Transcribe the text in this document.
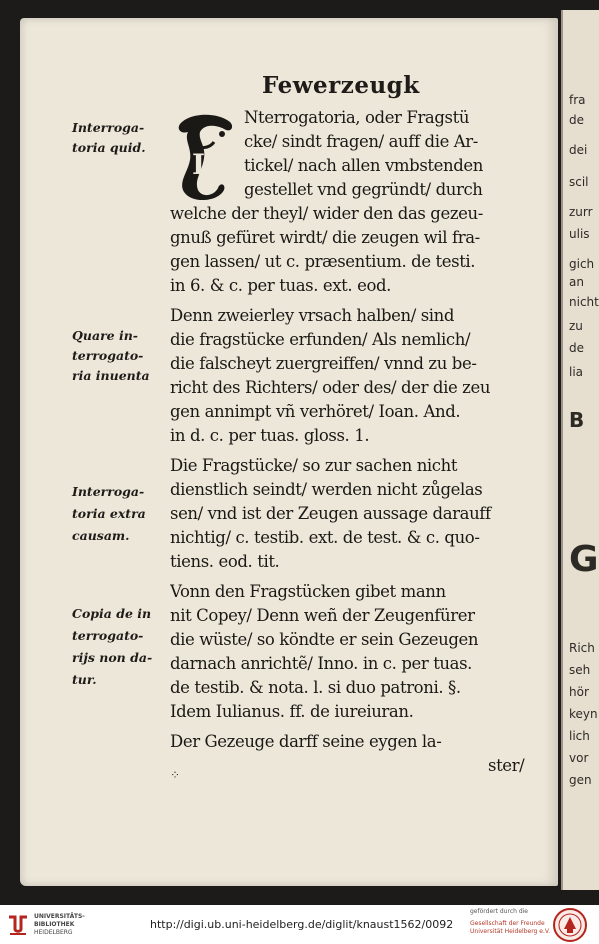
Fewerzeugk
I
Interroga-
toria quid.
Quare in-
terrogato-
ria inuenta
Interroga-
toria extra
causam.
Copia de in
terrogato-
rijs non da-
tur.
Nterrogatoria, oder Fragstü
cke/ sindt fragen/ auff die Ar-
tickel/ nach allen vmbstenden
gestellet vnd gegründt/ durch
welche der theyl/ wider den das gezeu-
gnuß gefüret wirdt/ die zeugen wil fra-
gen lassen/ ut c. præsentium. de testi.
in 6. & c. per tuas. ext. eod.
Denn zweierley vrsach halben/ sind
die fragstücke erfunden/ Als nemlich/
die falscheyt zuergreiffen/ vnnd zu be-
richt des Richters/ oder des/ der die zeu
gen annimpt vñ verhöret/ Ioan. And.
in d. c. per tuas. gloss. 1.
Die Fragstücke/ so zur sachen nicht
dienstlich seindt/ werden nicht zůgelas
sen/ vnd ist der Zeugen aussage darauff
nichtig/ c. testib. ext. de test. & c. quo-
tiens. eod. tit.
Vonn den Fragstücken gibet mann
nit Copey/ Denn weñ der Zeugenfürer
die wüste/ so köndte er sein Gezeugen
darnach anrichtẽ/ Inno. in c. per tuas.
de testib. & nota. l. si duo patroni. §.
Idem Iulianus. ff. de iureiuran.
Der Gezeuge darff seine eygen la-
ster/
⁘
fra
de
dei
scil
zurr
ulis
gich
an
nicht
zu
de
lia
B
G
Rich
seh
hör
keyn
lich
vor
gen
UNIVERSITÄTS-
BIBLIOTHEK
HEIDELBERG
http://digi.ub.uni-heidelberg.de/diglit/knaust1562/0092
gefördert durch die
Gesellschaft der Freunde
Universität Heidelberg e.V.
